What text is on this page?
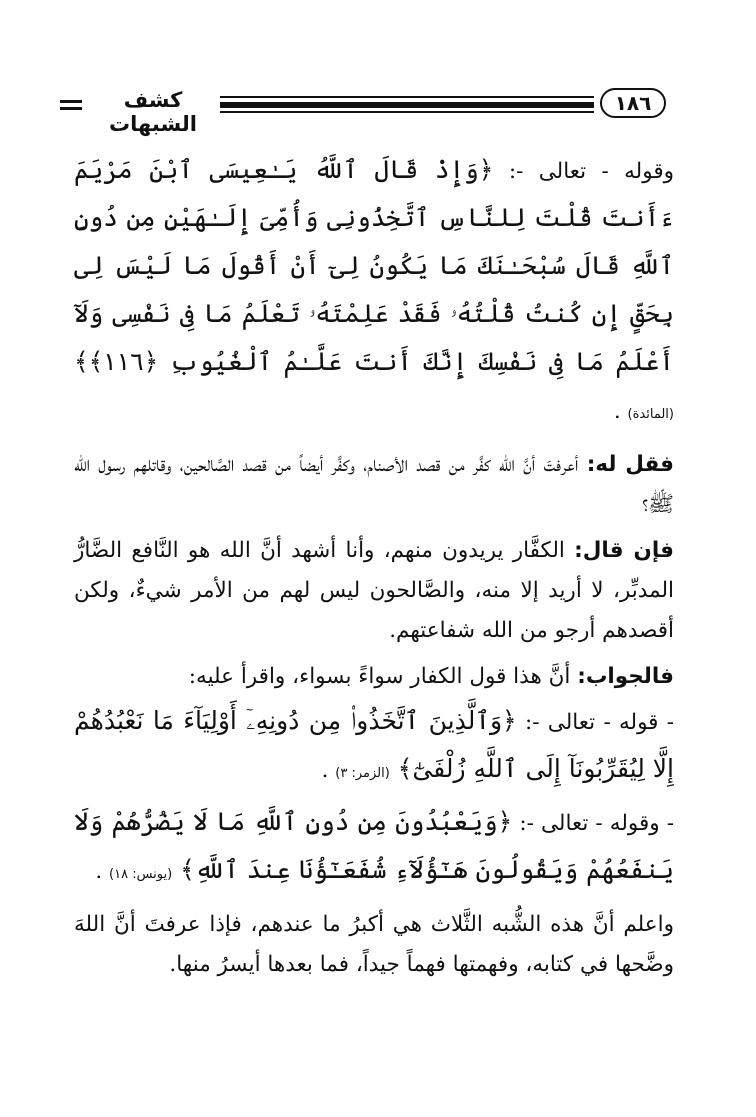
كشف الشبهات
١٨٦

وقوله - تعالى -: ﴿وَإِذْ قَالَ ٱللَّهُ يَـٰعِيسَى ٱبْنَ مَرْيَمَ ءَأَنتَ قُلْتَ لِلنَّاسِ ٱتَّخِذُونِى وَأُمِّىَ إِلَـٰهَيْنِ مِن دُونِ ٱللَّهِ قَالَ سُبْحَـٰنَكَ مَا يَكُونُ لِىٓ أَنْ أَقُولَ مَا لَيْسَ لِى بِحَقٍّ إِن كُنتُ قُلْتُهُۥ فَقَدْ عَلِمْتَهُۥ تَعْلَمُ مَا فِى نَفْسِى وَلَآ أَعْلَمُ مَا فِى نَفْسِكَ إِنَّكَ أَنتَ عَلَّـٰمُ ٱلْغُيُوبِ ﴿١١٦﴾﴾ (المائدة) .

فقل له: أعرفتَ أنَّ الله كفَّر من قصد الأصنام، وكفَّر أيضاً من قصد الصَّالحين، وقاتلهم رسول الله ﷺ؟

فإن قال: الكفَّار يريدون منهم، وأنا أشهد أنَّ الله هو النَّافع الضَّارُّ المدبِّر، لا أريد إلا منه، والصَّالحون ليس لهم من الأمر شيءٌ، ولكن أقصدهم أرجو من الله شفاعتهم.

فالجواب: أنَّ هذا قول الكفار سواءً بسواء، واقرأ عليه:

- قوله - تعالى -: ﴿وَٱلَّذِينَ ٱتَّخَذُوا۟ مِن دُونِهِۦٓ أَوْلِيَآءَ مَا نَعْبُدُهُمْ إِلَّا لِيُقَرِّبُونَآ إِلَى ٱللَّهِ زُلْفَىٰٓ﴾ (الزمر: ٣) .

- وقوله - تعالى -: ﴿وَيَعْبُدُونَ مِن دُونِ ٱللَّهِ مَا لَا يَضُرُّهُمْ وَلَا يَنفَعُهُمْ وَيَقُولُونَ هَـٰٓؤُلَآءِ شُفَعَـٰٓؤُنَا عِندَ ٱللَّهِ﴾ (يونس: ١٨) .

واعلم أنَّ هذه الشُّبه الثَّلاث هي أكبرُ ما عندهم، فإذا عرفتَ أنَّ اللهَ وضَّحها في كتابه، وفهمتها فهماً جيداً، فما بعدها أيسرُ منها.
